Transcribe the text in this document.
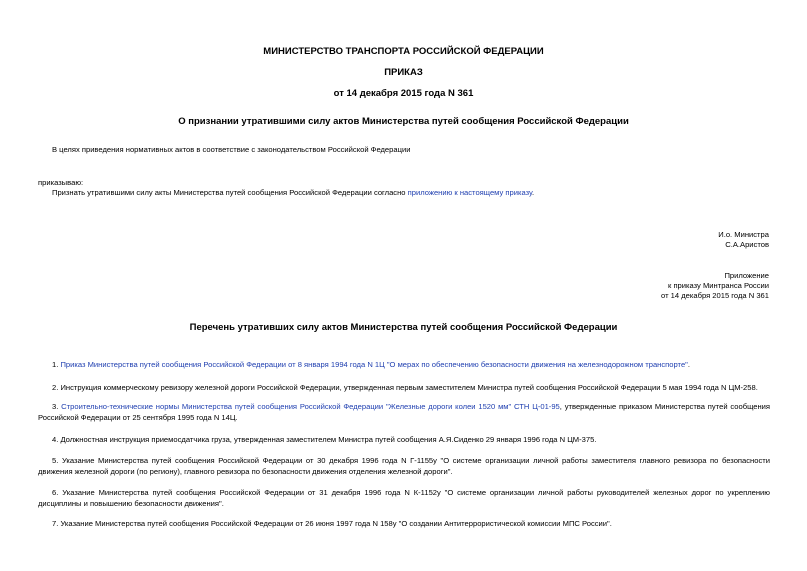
МИНИСТЕРСТВО ТРАНСПОРТА РОССИЙСКОЙ ФЕДЕРАЦИИ
ПРИКАЗ
от 14 декабря 2015 года N 361
О признании утратившими силу актов Министерства путей сообщения Российской Федерации
В целях приведения нормативных актов в соответствие с законодательством Российской Федерации
приказываю:
Признать утратившими силу акты Министерства путей сообщения Российской Федерации согласно приложению к настоящему приказу.
И.о. Министра
С.А.Аристов
Приложение
к приказу Минтранса России
от 14 декабря 2015 года N 361
Перечень утративших силу актов Министерства путей сообщения Российской Федерации
1. Приказ Министерства путей сообщения Российской Федерации от 8 января 1994 года N 1Ц "О мерах по обеспечению безопасности движения на железнодорожном транспорте".
2. Инструкция коммерческому ревизору железной дороги Российской Федерации, утвержденная первым заместителем Министра путей сообщения Российской Федерации 5 мая 1994 года N ЦМ-258.
3. Строительно-технические нормы Министерства путей сообщения Российской Федерации "Железные дороги колеи 1520 мм" СТН Ц-01-95, утвержденные приказом Министерства путей сообщения Российской Федерации от 25 сентября 1995 года N 14Ц.
4. Должностная инструкция приемосдатчика груза, утвержденная заместителем Министра путей сообщения А.Я.Сиденко 29 января 1996 года N ЦМ-375.
5. Указание Министерства путей сообщения Российской Федерации от 30 декабря 1996 года N Г-1155у "О системе организации личной работы заместителя главного ревизора по безопасности движения железной дороги (по региону), главного ревизора по безопасности движения отделения железной дороги".
6. Указание Министерства путей сообщения Российской Федерации от 31 декабря 1996 года N К-1152у "О системе организации личной работы руководителей железных дорог по укреплению дисциплины и повышению безопасности движения".
7. Указание Министерства путей сообщения Российской Федерации от 26 июня 1997 года N 158у "О создании Антитеррористической комиссии МПС России".
